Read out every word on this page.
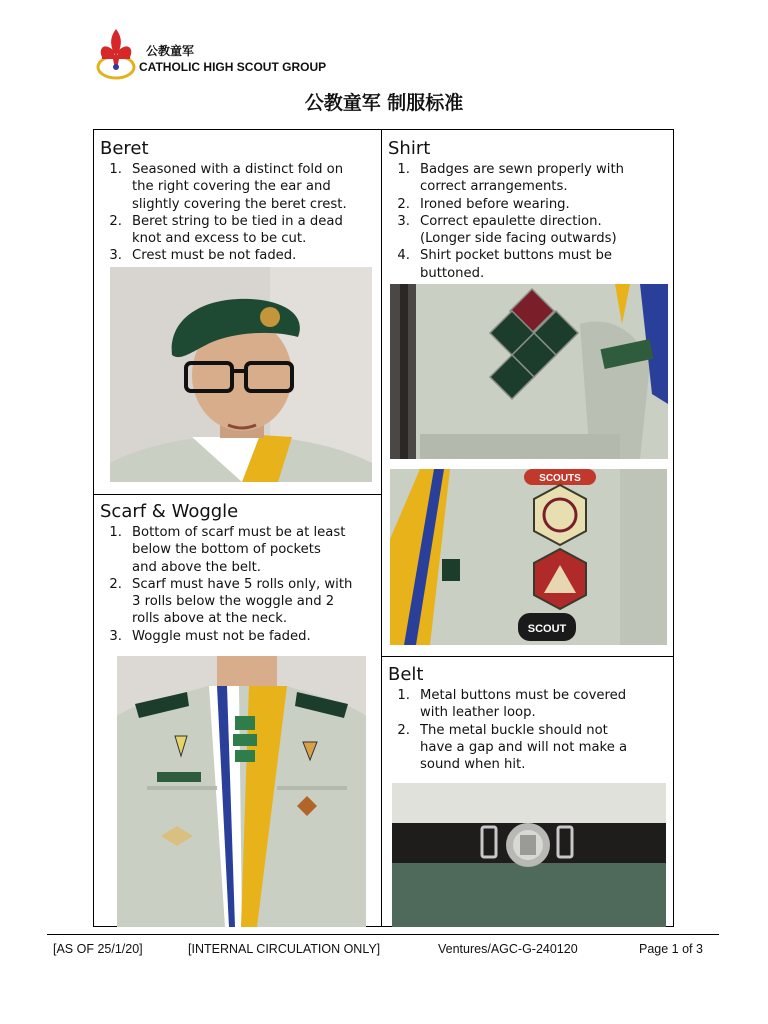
公教童军
CATHOLIC HIGH SCOUT GROUP
公教童军 制服标准
Beret
1. Seasoned with a distinct fold on
the right covering the ear and
slightly covering the beret crest.
2. Beret string to be tied in a dead
knot and excess to be cut.
3. Crest must be not faded.
Shirt
1. Badges are sewn properly with
correct arrangements.
2. Ironed before wearing.
3. Correct epaulette direction.
(Longer side facing outwards)
4. Shirt pocket buttons must be
buttoned.
SCOUTS
SCOUT
Scarf & Woggle
1. Bottom of scarf must be at least
below the bottom of pockets
and above the belt.
2. Scarf must have 5 rolls only, with
3 rolls below the woggle and 2
rolls above at the neck.
3. Woggle must not be faded.
Belt
1. Metal buttons must be covered
with leather loop.
2. The metal buckle should not
have a gap and will not make a
sound when hit.
[AS OF 25/1/20]	[INTERNAL CIRCULATION ONLY]	Ventures/AGC-G-240120	Page 1 of 3
